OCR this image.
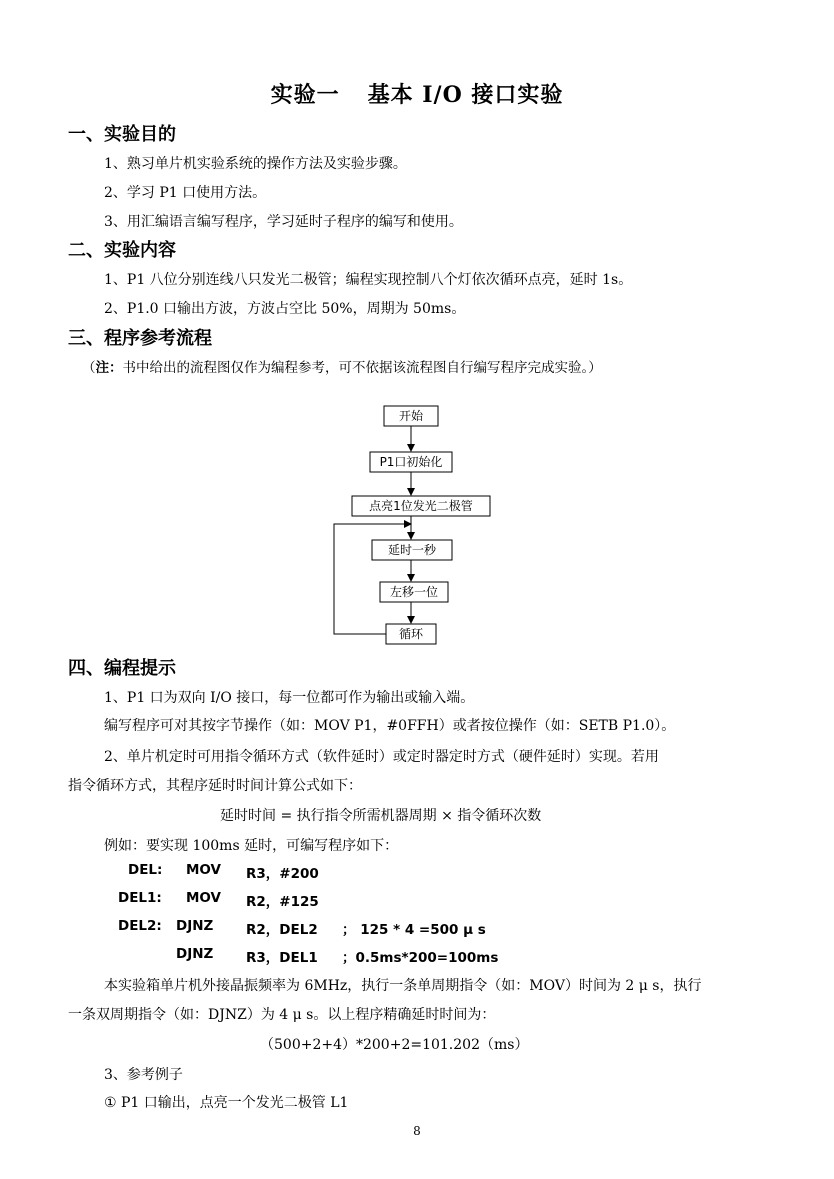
实验一 基本 I/O 接口实验
一、实验目的
1、熟习单片机实验系统的操作方法及实验步骤。
2、学习 P1 口使用方法。
3、用汇编语言编写程序，学习延时子程序的编写和使用。
二、实验内容
1、P1 八位分别连线八只发光二极管；编程实现控制八个灯依次循环点亮，延时 1s。
2、P1.0 口输出方波，方波占空比 50%，周期为 50ms。
三、程序参考流程
（注：书中给出的流程图仅作为编程参考，可不依据该流程图自行编写程序完成实验。）
开始
P1口初始化
点亮1位发光二极管
延时一秒
左移一位
循环
四、编程提示
1、P1 口为双向 I/O 接口，每一位都可作为输出或输入端。
编写程序可对其按字节操作（如：MOV P1，#0FFH）或者按位操作（如：SETB P1.0）。
2、单片机定时可用指令循环方式（软件延时）或定时器定时方式（硬件延时）实现。若用
指令循环方式，其程序延时时间计算公式如下：
延时时间 = 执行指令所需机器周期 × 指令循环次数
例如：要实现 100ms 延时，可编写程序如下：
DEL: MOV R3，#200
DEL1: MOV R2，#125
DEL2: DJNZ R2，DEL2 ； 125 * 4 =500 μ s
DJNZ R3，DEL1 ；0.5ms*200=100ms
本实验箱单片机外接晶振频率为 6MHz，执行一条单周期指令（如：MOV）时间为 2 μ s，执行
一条双周期指令（如：DJNZ）为 4 μ s。以上程序精确延时时间为：
（500+2+4）*200+2=101.202（ms）
3、参考例子
① P1 口输出，点亮一个发光二极管 L1
8
